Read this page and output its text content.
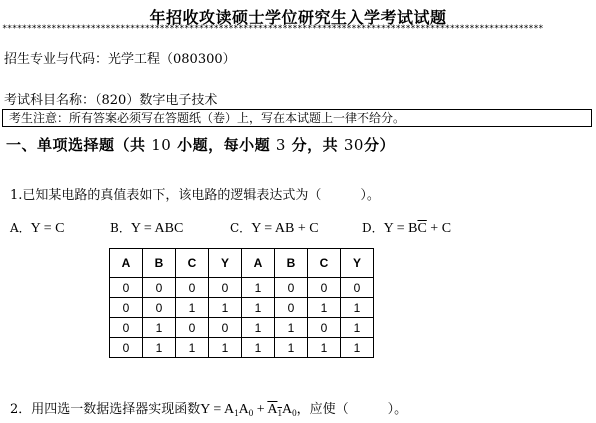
年招收攻读硕士学位研究生入学考试试题
**************************************************************************************************************
招生专业与代码：光学工程（080300）
考试科目名称：（820）数字电子技术
考生注意：所有答案必须写在答题纸（卷）上，写在本试题上一律不给分。
一、单项选择题（共 10 小题，每小题 3 分，共 30分）
1.已知某电路的真值表如下，该电路的逻辑表达式为（　　　）。
A．Y = C	B．Y = ABC	C．Y = AB + C	D．$Y = B\overline{C} + C$
A	B	C	Y	A	B	C	Y
0	0	0	0	1	0	0	0
0	0	1	1	1	0	1	1
0	1	0	0	1	1	0	1
0	1	1	1	1	1	1	1
2．用四选一数据选择器实现函数$Y = A_1A_0 + A_1A_0$，应使（　　　）。
